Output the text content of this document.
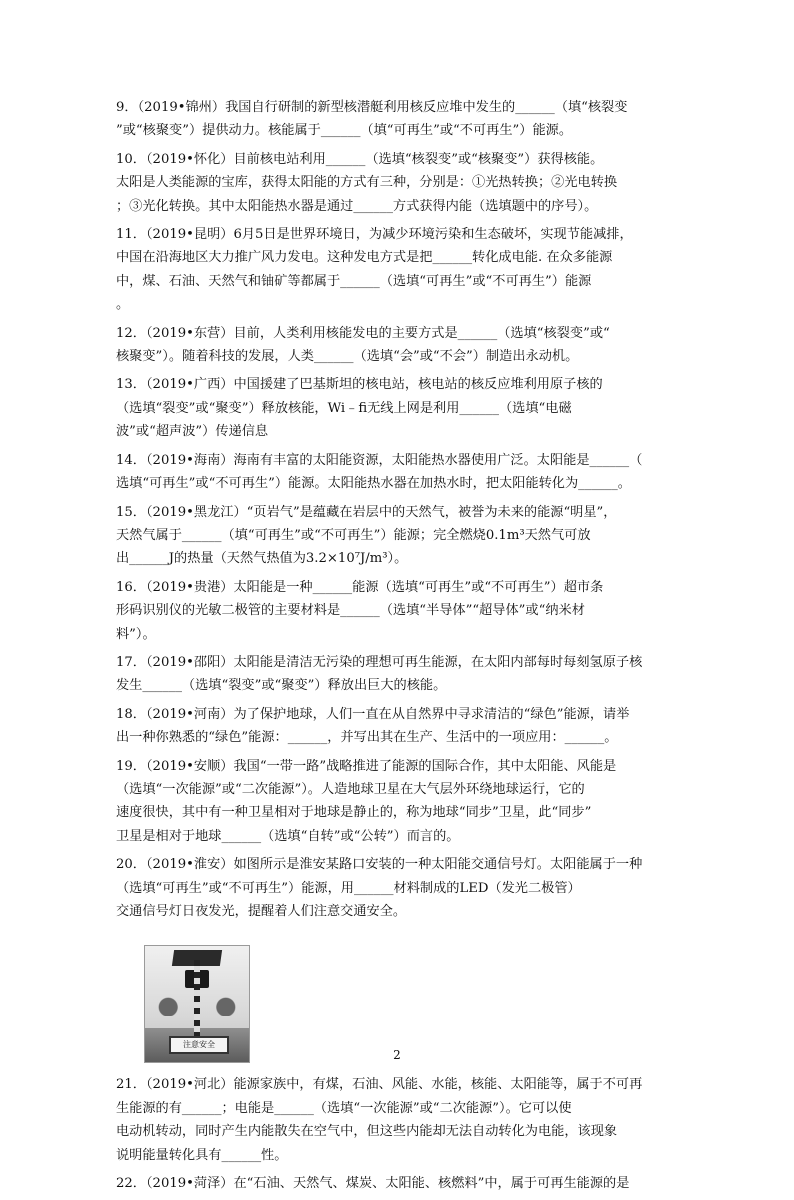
9．（2019•锦州）我国自行研制的新型核潜艇利用核反应堆中发生的______（填“核裂变
”或“核聚变”）提供动力。核能属于______（填“可再生”或“不可再生”）能源。
10．（2019•怀化）目前核电站利用______（选填“核裂变”或“核聚变”）获得核能。
太阳是人类能源的宝库，获得太阳能的方式有三种，分别是：①光热转换；②光电转换
；③光化转换。其中太阳能热水器是通过______方式获得内能（选填题中的序号）。
11．（2019•昆明）6月5日是世界环境日，为减少环境污染和生态破坏，实现节能减排，
中国在沿海地区大力推广风力发电。这种发电方式是把______转化成电能. 在众多能源
中，煤、石油、天然气和铀矿等都属于______（选填“可再生”或“不可再生”）能源
。
12．（2019•东营）目前，人类利用核能发电的主要方式是______（选填“核裂变”或“
核聚变”）。随着科技的发展，人类______（选填“会”或“不会”）制造出永动机。
13．（2019•广西）中国援建了巴基斯坦的核电站，核电站的核反应堆利用原子核的
（选填“裂变”或“聚变”）释放核能，Wi﹣fi无线上网是利用______（选填“电磁
波”或“超声波”）传递信息
14．（2019•海南）海南有丰富的太阳能资源，太阳能热水器使用广泛。太阳能是______（
选填“可再生”或“不可再生”）能源。太阳能热水器在加热水时，把太阳能转化为______。
15．（2019•黑龙江）“页岩气”是蕴藏在岩层中的天然气，被誉为未来的能源“明星”，
天然气属于______（填“可再生”或“不可再生”）能源；完全燃烧0.1m³天然气可放
出______J的热量（天然气热值为3.2×10⁷J/m³）。
16．（2019•贵港）太阳能是一种______能源（选填“可再生”或“不可再生”）超市条
形码识别仪的光敏二极管的主要材料是______（选填“半导体”“超导体”或“纳米材
料”）。
17．（2019•邵阳）太阳能是清洁无污染的理想可再生能源，在太阳内部每时每刻氢原子核
发生______（选填“裂变”或“聚变”）释放出巨大的核能。
18．（2019•河南）为了保护地球，人们一直在从自然界中寻求清洁的“绿色”能源，请举
出一种你熟悉的“绿色”能源：______，并写出其在生产、生活中的一项应用：______。
19．（2019•安顺）我国“一带一路”战略推进了能源的国际合作，其中太阳能、风能是
（选填“一次能源”或“二次能源”）。人造地球卫星在大气层外环绕地球运行，它的
速度很快，其中有一种卫星相对于地球是静止的，称为地球“同步”卫星，此“同步”
卫星是相对于地球______（选填“自转”或“公转”）而言的。
20．（2019•淮安）如图所示是淮安某路口安装的一种太阳能交通信号灯。太阳能属于一种
（选填“可再生”或“不可再生”）能源，用______材料制成的LED（发光二极管）
交通信号灯日夜发光，提醒着人们注意交通安全。
注意安全
21．（2019•河北）能源家族中，有煤，石油、风能、水能，核能、太阳能等，属于不可再
生能源的有______；电能是______（选填“一次能源”或“二次能源”）。它可以使
电动机转动，同时产生内能散失在空气中，但这些内能却无法自动转化为电能，该现象
说明能量转化具有______性。
22．（2019•菏泽）在“石油、天然气、煤炭、太阳能、核燃料”中，属于可再生能源的是
2
